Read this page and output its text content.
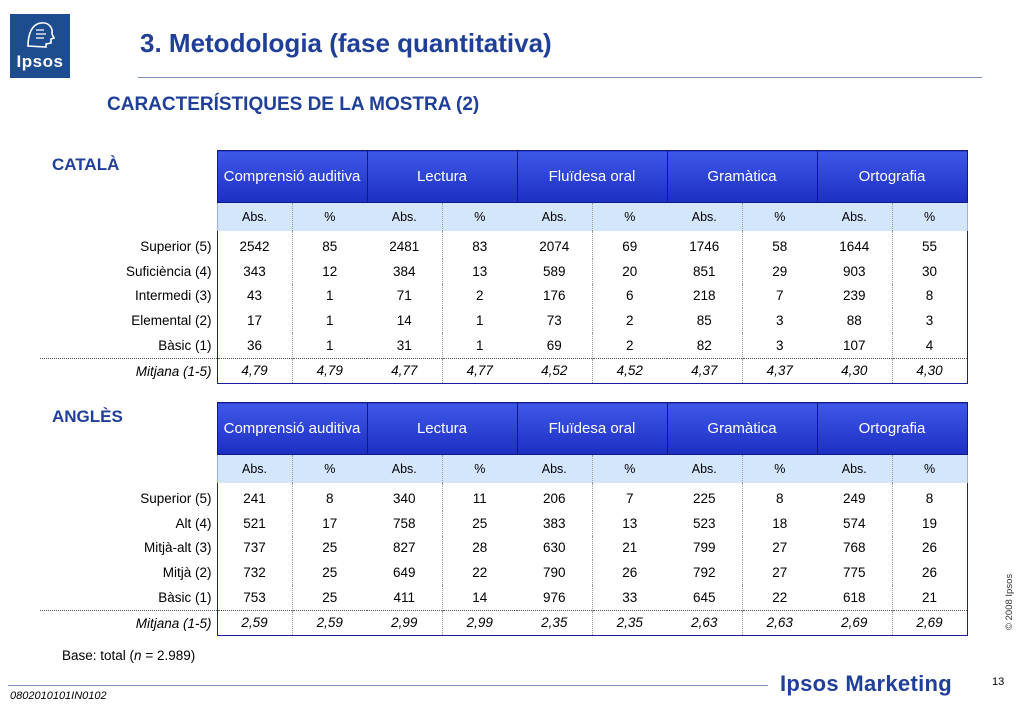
Ipsos
3. Metodologia (fase quantitativa)
CARACTERÍSTIQUES DE LA MOSTRA (2)
CATALÀ
	Comprensió auditiva		Lectura		Fluïdesa oral		Gramàtica		Ortografia	
	Abs.	%	Abs.	%	Abs.	%	Abs.	%	Abs.	%
Superior (5)	2542	85	2481	83	2074	69	1746	58	1644	55
Suficiència (4)	343	12	384	13	589	20	851	29	903	30
Intermedi (3)	43	1	71	2	176	6	218	7	239	8
Elemental (2)	17	1	14	1	73	2	85	3	88	3
Bàsic (1)	36	1	31	1	69	2	82	3	107	4
Mitjana (1-5)	4,79	4,79	4,77	4,77	4,52	4,52	4,37	4,37	4,30	4,30
ANGLÈS
	Comprensió auditiva		Lectura		Fluïdesa oral		Gramàtica		Ortografia	
	Abs.	%	Abs.	%	Abs.	%	Abs.	%	Abs.	%
Superior (5)	241	8	340	11	206	7	225	8	249	8
Alt (4)	521	17	758	25	383	13	523	18	574	19
Mitjà-alt (3)	737	25	827	28	630	21	799	27	768	26
Mitjà (2)	732	25	649	22	790	26	792	27	775	26
Bàsic (1)	753	25	411	14	976	33	645	22	618	21
Mitjana (1-5)	2,59	2,59	2,99	2,99	2,35	2,35	2,63	2,63	2,69	2,69
Base: total (n = 2.989)
© 2008 Ipsos
0802010101IN0102	Ipsos Marketing	13
